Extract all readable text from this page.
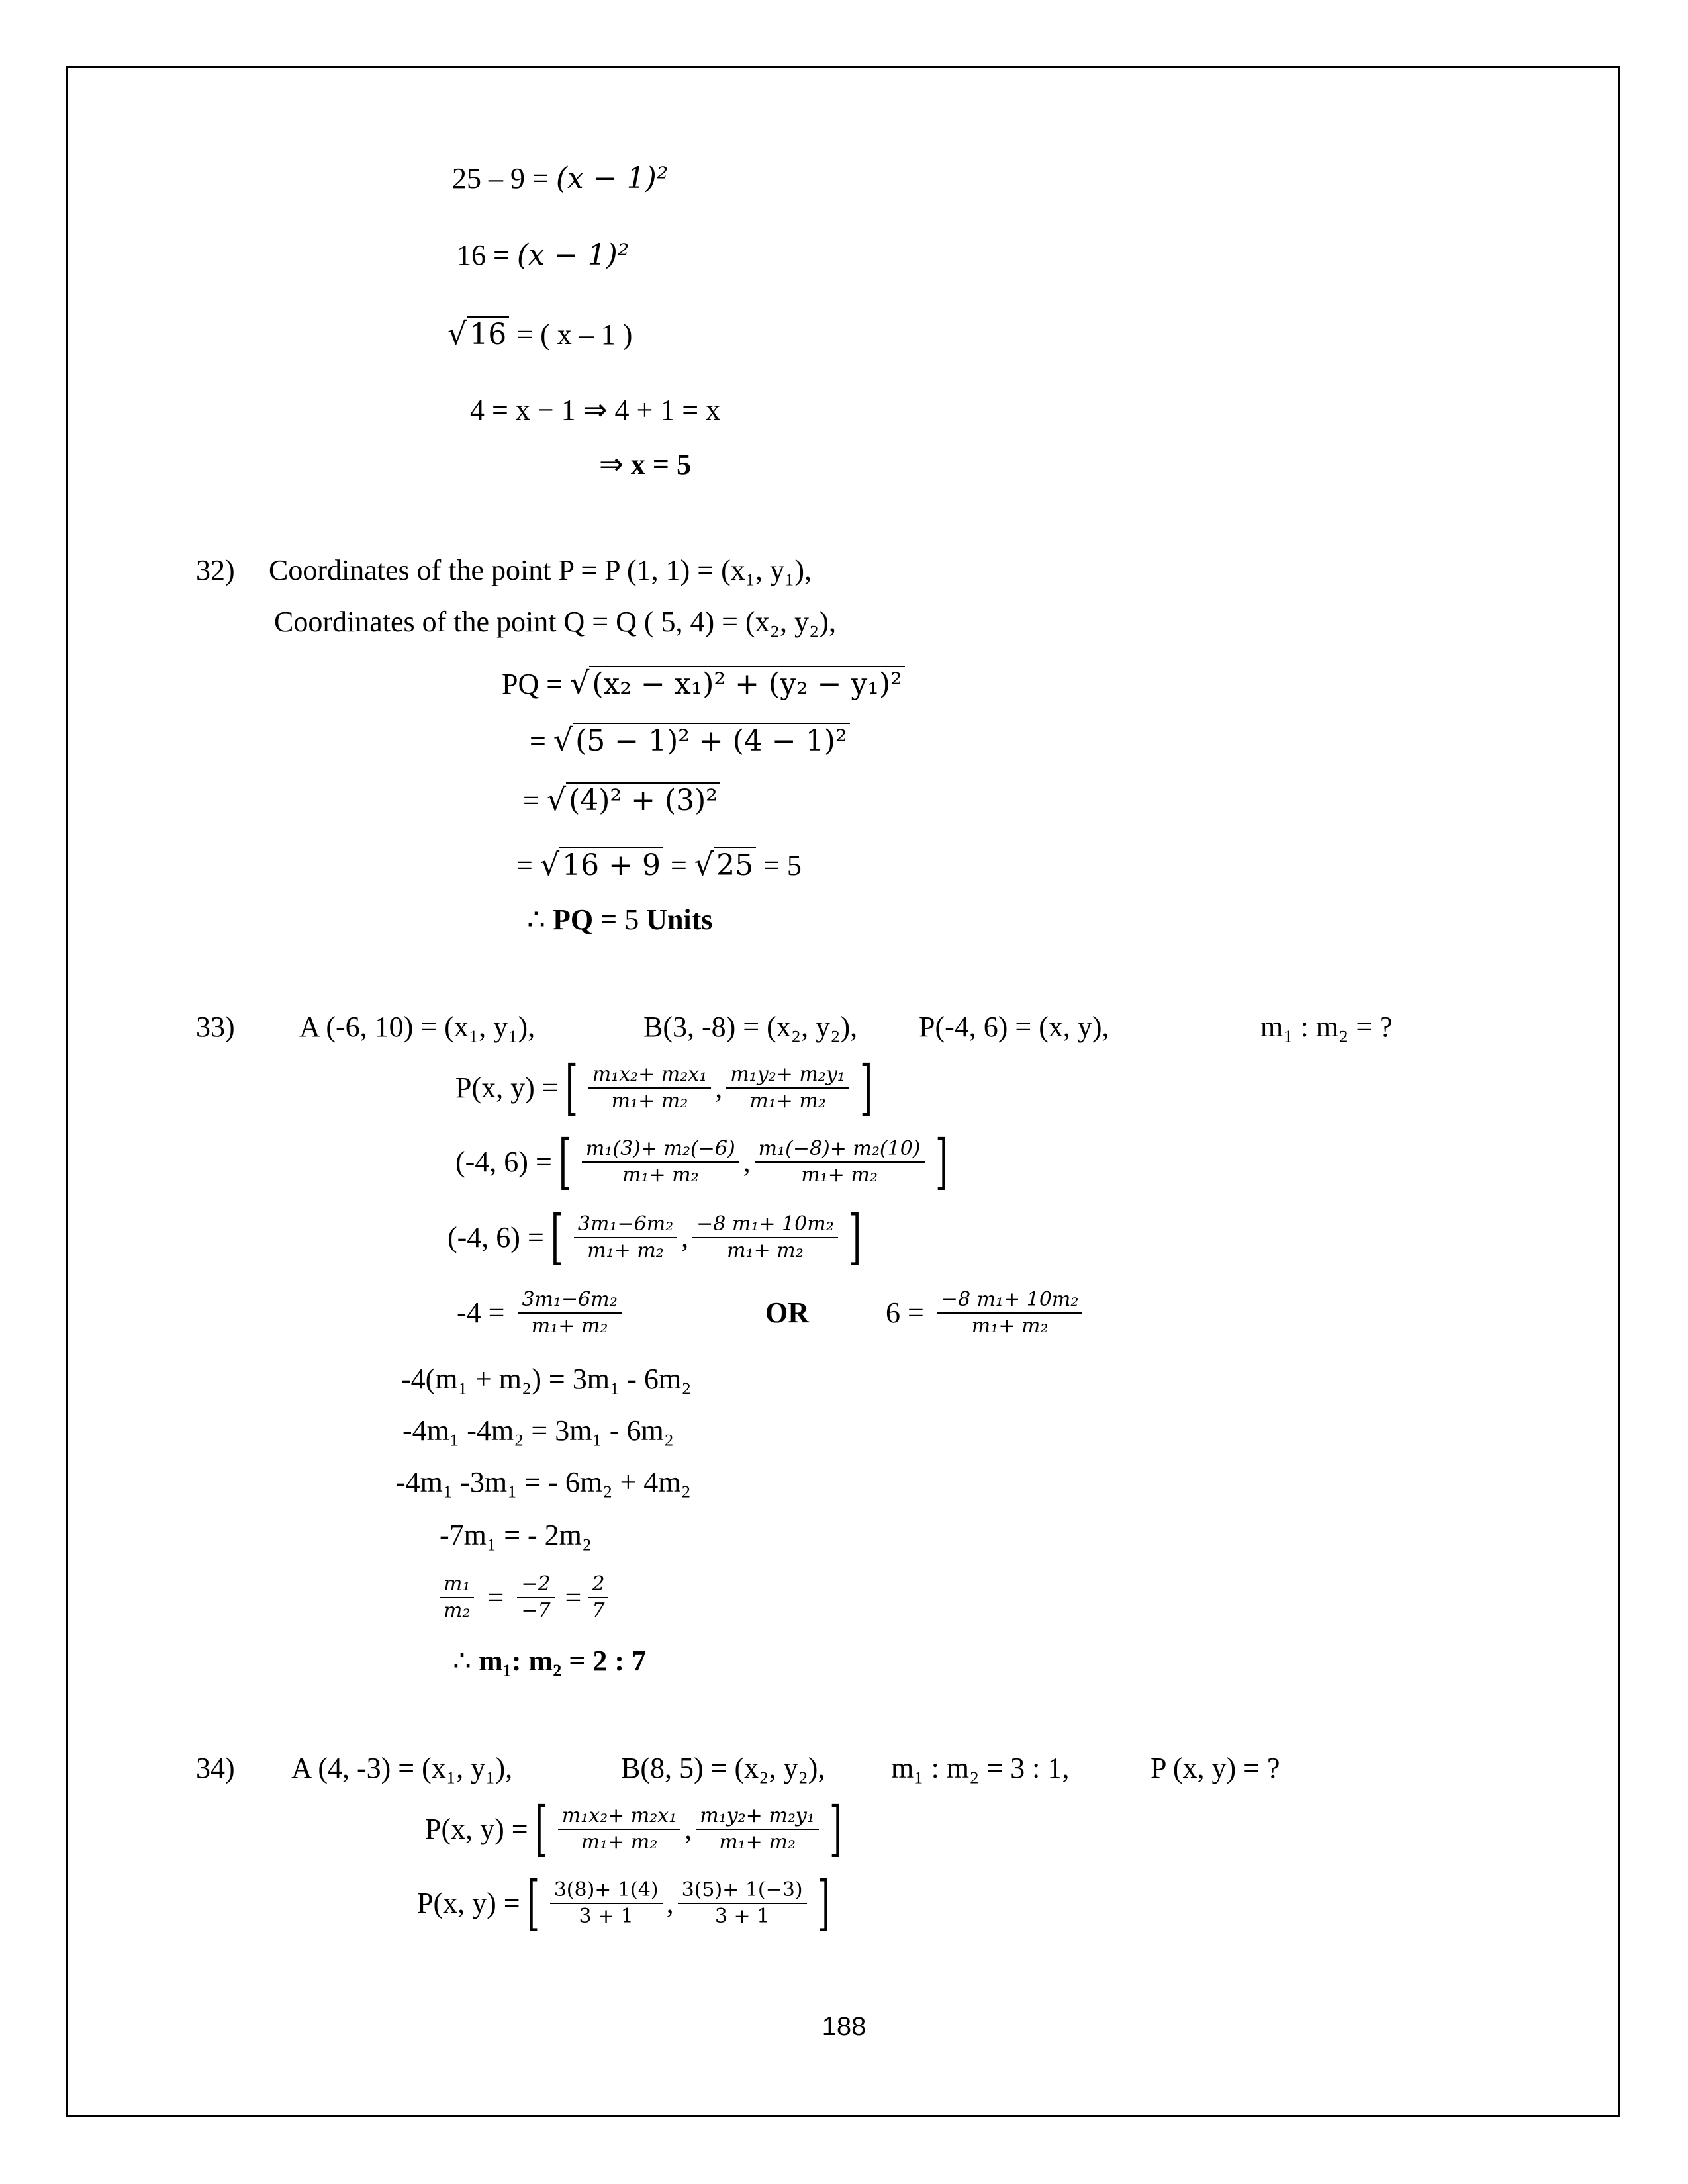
25 – 9 = (𝑥 − 1)²
16 = (𝑥 − 1)²
√16 = ( x – 1 )
4 = x − 1 ⇒ 4 + 1 = x
⇒ x = 5
32) Coordinates of the point P = P (1, 1) = (x₁, y₁),
Coordinates of the point Q = Q ( 5, 4) = (x₂, y₂),
PQ = √(x₂ − x₁)² + (y₂ − y₁)²
= √(5 − 1)² + (4 − 1)²
= √(4)² + (3)²
= √16 + 9 = √25 = 5
∴ PQ = 5 Units
33) A (-6, 10) = (x₁, y₁),	B(3, -8) = (x₂, y₂), P(-4, 6) = (x, y),	m₁ : m₂ = ?
P(x, y) = [ $\frac{\text{𝑚₁𝑥₂+ 𝑚₂𝑥₁}}{\text{𝑚₁+ 𝑚₂}}$ , $\frac{\text{𝑚₁𝑦₂+ 𝑚₂𝑦₁}}{\text{𝑚₁+ 𝑚₂}}$ ]
(-4, 6) = [ $\frac{\text{𝑚₁(3)+ 𝑚₂(−6)}}{\text{𝑚₁+ 𝑚₂}}$ , $\frac{\text{𝑚₁(−8)+ 𝑚₂(10)}}{\text{𝑚₁+ 𝑚₂}}$ ]
(-4, 6) = [ $\frac{\text{3𝑚₁−6𝑚₂}}{\text{𝑚₁+ 𝑚₂}}$ , $\frac{\text{−8 𝑚₁+ 10𝑚₂}}{\text{𝑚₁+ 𝑚₂}}$ ]
$-4 = \frac{\text{3𝑚₁−6𝑚₂}}{\text{𝑚₁+ 𝑚₂}}$	OR	$6 = \frac{\text{−8 𝑚₁+ 10𝑚₂}}{\text{𝑚₁+ 𝑚₂}}$
-4(m₁ + m₂) = 3m₁ - 6m₂
-4m₁ -4m₂ = 3m₁ - 6m₂
-4m₁ -3m₁ = - 6m₂ + 4m₂
-7m₁ = - 2m₂
$\frac{\text{𝑚₁}}{\text{𝑚₂}} = \frac{-2}{-7} = \frac{2}{7}$
∴ m₁: m₂ = 2 : 7
34) A (4, -3) = (x₁, y₁),	B(8, 5) = (x₂, y₂), m₁ : m₂ = 3 : 1,	P (x, y) = ?
P(x, y) = [ $\frac{\text{𝑚₁𝑥₂+ 𝑚₂𝑥₁}}{\text{𝑚₁+ 𝑚₂}}$ , $\frac{\text{𝑚₁𝑦₂+ 𝑚₂𝑦₁}}{\text{𝑚₁+ 𝑚₂}}$ ]
P(x, y) = [ $\frac{3(8)+ 1(4)}{3 + 1}$ , $\frac{3(5)+ 1(-3)}{3 + 1}$ ]
188
